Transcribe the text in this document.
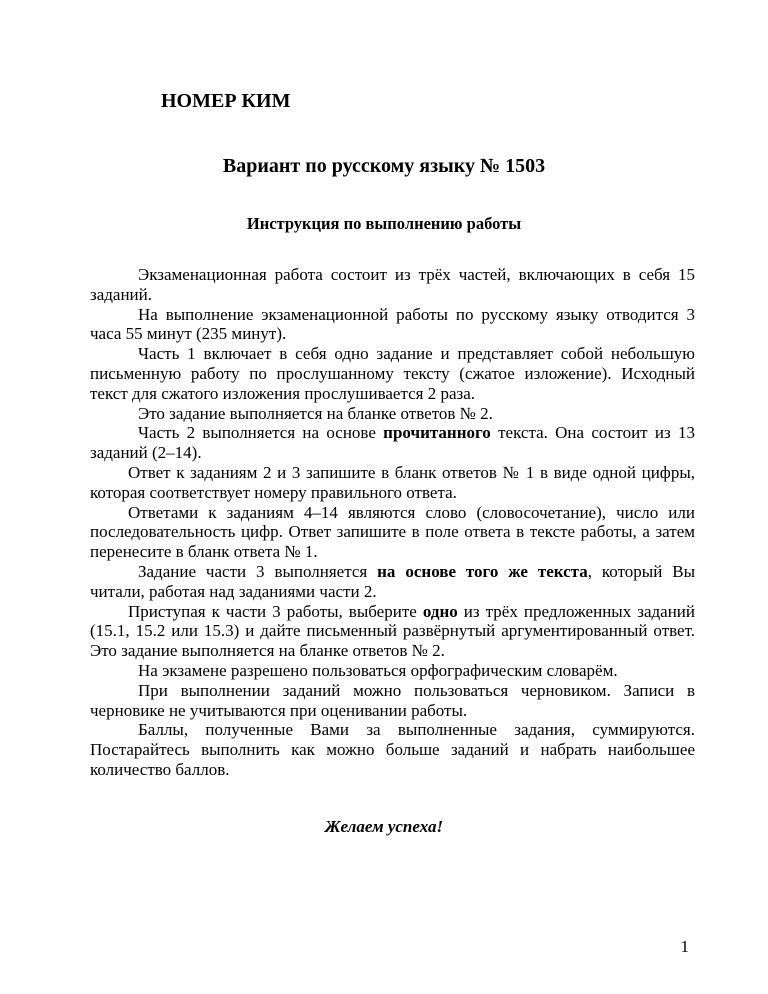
НОМЕР КИМ
Вариант по русскому языку № 1503
Инструкция по выполнению работы

Экзаменационная работа состоит из трёх частей, включающих в себя 15 заданий.

На выполнение экзаменационной работы по русскому языку отводится 3 часа 55 минут (235 минут).

Часть 1 включает в себя одно задание и представляет собой небольшую письменную работу по прослушанному тексту (сжатое изложение). Исходный текст для сжатого изложения прослушивается 2 раза.

Это задание выполняется на бланке ответов № 2.

Часть 2 выполняется на основе прочитанного текста. Она состоит из 13 заданий (2–14).

Ответ к заданиям 2 и 3 запишите в бланк ответов № 1 в виде одной цифры, которая соответствует номеру правильного ответа.

Ответами к заданиям 4–14 являются слово (словосочетание), число или последовательность цифр. Ответ запишите в поле ответа в тексте работы, а затем перенесите в бланк ответа № 1.

Задание части 3 выполняется на основе того же текста, который Вы читали, работая над заданиями части 2.

Приступая к части 3 работы, выберите одно из трёх предложенных заданий (15.1, 15.2 или 15.3) и дайте письменный развёрнутый аргументированный ответ. Это задание выполняется на бланке ответов № 2.

На экзамене разрешено пользоваться орфографическим словарём.

При выполнении заданий можно пользоваться черновиком. Записи в черновике не учитываются при оценивании работы.

Баллы, полученные Вами за выполненные задания, суммируются. Постарайтесь выполнить как можно больше заданий и набрать наибольшее количество баллов.

Желаем успеха!

1
